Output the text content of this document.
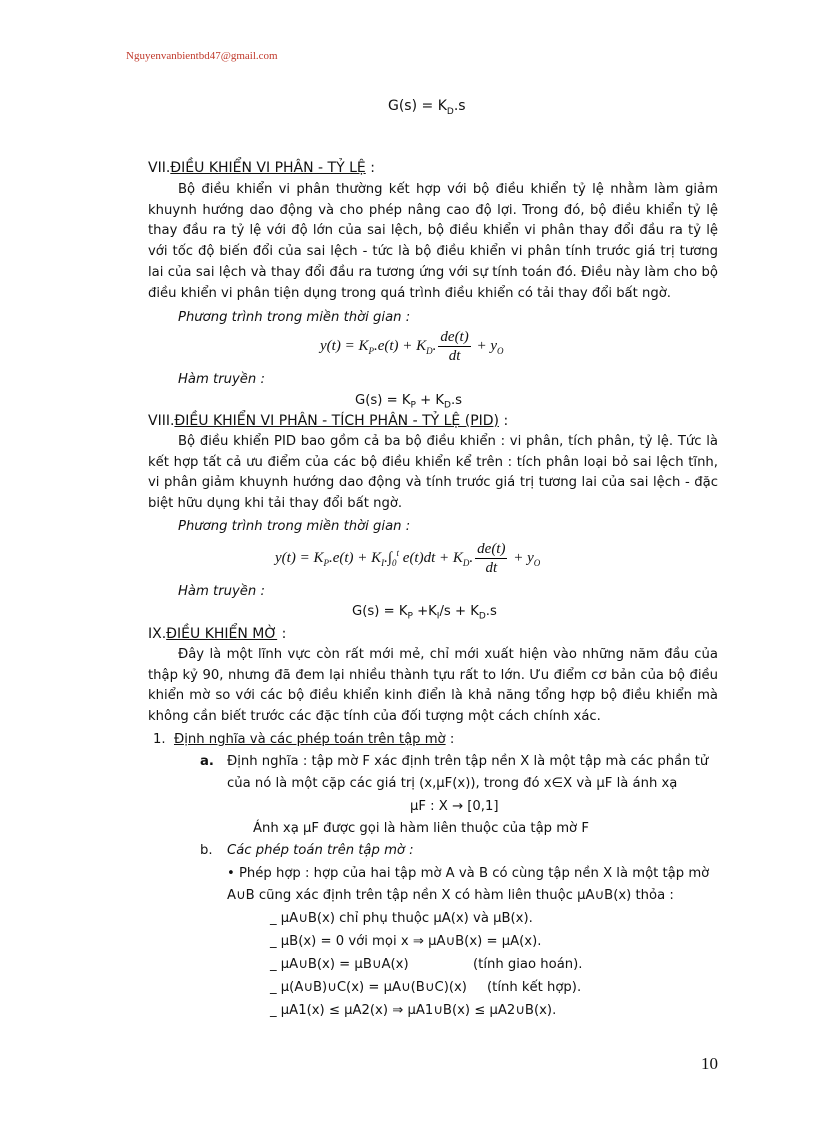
Nguyenvanbientbd47@gmail.com
$G(s) = K_D.s$
VII.ĐIỀU KHIỂN VI PHÂN - TỶ LỆ :

Bộ điều khiển vi phân thường kết hợp với bộ điều khiển tỷ lệ nhằm làm giảm khuynh hướng dao động và cho phép nâng cao độ lợi. Trong đó, bộ điều khiển tỷ lệ thay đầu ra tỷ lệ với độ lớn của sai lệch, bộ điều khiển vi phân thay đổi đầu ra tỷ lệ với tốc độ biến đổi của sai lệch - tức là bộ điều khiển vi phân tính trước giá trị tương lai của sai lệch và thay đổi đầu ra tương ứng với sự tính toán đó. Điều này làm cho bộ điều khiển vi phân tiện dụng trong quá trình điều khiển có tải thay đổi bất ngờ.

Phương trình trong miền thời gian :
$y(t) = K_P.e(t) + K_D$. $\frac{de(t)}{dt} + y_O$
Hàm truyền :
$G(s) = K_P + K_D.s$
VIII.ĐIỀU KHIỂN VI PHÂN - TÍCH PHÂN - TỶ LỆ (PID) :

Bộ điều khiển PID bao gồm cả ba bộ điều khiển : vi phân, tích phân, tỷ lệ. Tức là kết hợp tất cả ưu điểm của các bộ điều khiển kể trên : tích phân loại bỏ sai lệch tĩnh, vi phân giảm khuynh hướng dao động và tính trước giá trị tương lai của sai lệch - đặc biệt hữu dụng khi tải thay đổi bất ngờ.

Phương trình trong miền thời gian :
$y(t) = K_P.e(t) + K_I.\int_0^t$ $e(t)dt + K_D$. $\frac{de(t)}{dt} + y_O$
Hàm truyền :
$G(s) = K_P +K_I/s + K_D.s$
IX.ĐIỀU KHIỂN MỜ :

Đây là một lĩnh vực còn rất mới mẻ, chỉ mới xuất hiện vào những năm đầu của thập kỷ 90, nhưng đã đem lại nhiều thành tựu rất to lớn. Ưu điểm cơ bản của bộ điều khiển mờ so với các bộ điều khiển kinh điển là khả năng tổng hợp bộ điều khiển mà không cần biết trước các đặc tính của đối tượng một cách chính xác.

1. Định nghĩa và các phép toán trên tập mờ :
a. Định nghĩa : tập mờ F xác định trên tập nền X là một tập mà các phần tử
của nó là một cặp các giá trị (x,μF(x)), trong đó x∈X và μF là ánh xạ
μF : X → [0,1]
Ánh xạ μF được gọi là hàm liên thuộc của tập mờ F
b. Các phép toán trên tập mờ :
• Phép hợp : hợp của hai tập mờ A và B có cùng tập nền X là một tập mờ
A∪B cũng xác định trên tập nền X có hàm liên thuộc μA∪B(x) thỏa :
_ μA∪B(x) chỉ phụ thuộc μA(x) và μB(x).
_ μB(x) = 0 với mọi x ⇒ μA∪B(x) = μA(x).
_ μA∪B(x) = μB∪A(x)	(tính giao hoán).
_ μ(A∪B)∪C(x) = μA∪(B∪C)(x) (tính kết hợp).
_ μA1(x) ≤ μA2(x) ⇒ μA1∪B(x) ≤ μA2∪B(x).
10
